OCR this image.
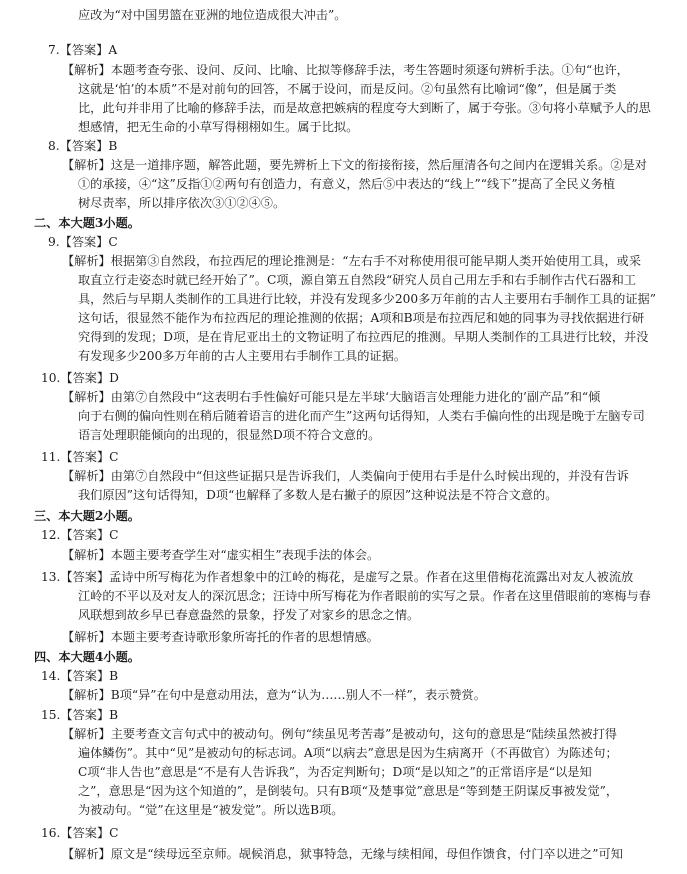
应改为“对中国男篮在亚洲的地位造成很大冲击”。
7.【答案】A
【解析】本题考查夸张、设问、反问、比喻、比拟等修辞手法，考生答题时须逐句辨析手法。①句“也许，
这就是‘怕’的本质”不是对前句的回答，不属于设问，而是反问。②句虽然有比喻词“像”，但是属于类
比，此句并非用了比喻的修辞手法，而是故意把嫉病的程度夸大到断了，属于夸张。③句将小草赋予人的思
想感情，把无生命的小草写得栩栩如生。属于比拟。
8.【答案】B
【解析】这是一道排序题，解答此题，要先辨析上下文的衔接衔接，然后厘清各句之间内在逻辑关系。②是对
①的承接，④“这”反指①②两句有创造力，有意义，然后⑤中表达的“线上”“线下”提高了全民义务植
树尽责率，所以排序依次③①②④⑤。
二、本大题3小题。
9.【答案】C
【解析】根据第③自然段，布拉西尼的理论推测是：“左右手不对称使用很可能早期人类开始使用工具，或采
取直立行走姿态时就已经开始了”。C项，源自第五自然段“研究人员自己用左手和右手制作古代石器和工
具，然后与早期人类制作的工具进行比较，并没有发现多少200多万年前的古人主要用右手制作工具的证据”
这句话，很显然不能作为布拉西尼的理论推测的依据；A项和B项是布拉西尼和她的同事为寻找依据进行研
究得到的发现；D项，是在肯尼亚出土的文物证明了布拉西尼的推测。早期人类制作的工具进行比较，并没
有发现多少200多万年前的古人主要用右手制作工具的证据。
10.【答案】D
【解析】由第⑦自然段中“这表明右手性偏好可能只是左半球‘大脑语言处理能力进化的’副产品”和“倾
向于右侧的偏向性则在稍后随着语言的进化而产生”这两句话得知，人类右手偏向性的出现是晚于左脑专司
语言处理职能倾向的出现的，很显然D项不符合文意的。
11.【答案】C
【解析】由第⑦自然段中“但这些证据只是告诉我们，人类偏向于使用右手是什么时候出现的，并没有告诉
我们原因”这句话得知，D项“也解释了多数人是右撇子的原因”这种说法是不符合文意的。
三、本大题2小题。
12.【答案】C
【解析】本题主要考查学生对“虚实相生”表现手法的体会。
13.【答案】孟诗中所写梅花为作者想象中的江岭的梅花，是虚写之景。作者在这里借梅花流露出对友人被流放
江岭的不平以及对友人的深沉思念；汪诗中所写梅花为作者眼前的实写之景。作者在这里借眼前的寒梅与春
风联想到故乡早已春意盎然的景象，抒发了对家乡的思念之情。
【解析】本题主要考查诗歌形象所寄托的作者的思想情感。
四、本大题4小题。
14.【答案】B
【解析】B项“异”在句中是意动用法，意为“认为……别人不一样”，表示赞赏。
15.【答案】B
【解析】主要考查文言句式中的被动句。例句“续虽见考苦毒”是被动句，这句的意思是“陆续虽然被打得
遍体鳞伤”。其中“见”是被动句的标志词。A项“以病去”意思是因为生病离开（不再做官）为陈述句；
C项“非人告也”意思是“不是有人告诉我”，为否定判断句；D项“是以知之”的正常语序是“以是知
之”，意思是“因为这个知道的”，是倒装句。只有B项“及楚事觉”意思是“等到楚王阴谋反事被发觉”，
为被动句。“觉”在这里是“被发觉”。所以选B项。
16.【答案】C
【解析】原文是“续母远至京师。觇候消息，狱事特急，无缘与续相闻，母但作馈食，付门卒以进之”可知
